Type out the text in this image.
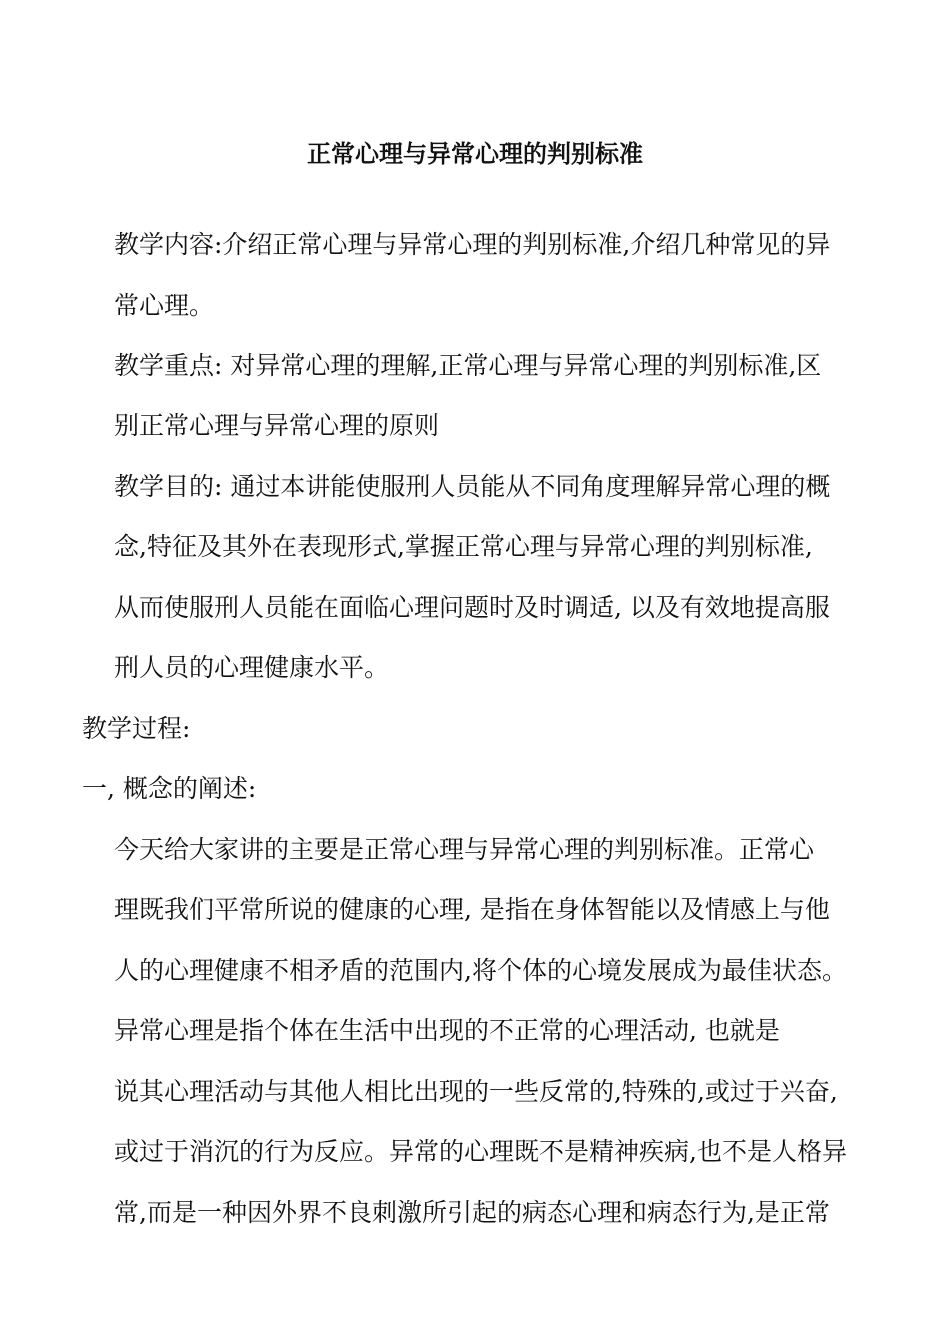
正常心理与异常心理的判别标准
教学内容:介绍正常心理与异常心理的判别标准,介绍几种常见的异
常心理。
教学重点: 对异常心理的理解,正常心理与异常心理的判别标准,区
别正常心理与异常心理的原则
教学目的: 通过本讲能使服刑人员能从不同角度理解异常心理的概
念,特征及其外在表现形式,掌握正常心理与异常心理的判别标准,
从而使服刑人员能在面临心理问题时及时调适, 以及有效地提高服
刑人员的心理健康水平。
教学过程:
一, 概念的阐述:
今天给大家讲的主要是正常心理与异常心理的判别标准。正常心
理既我们平常所说的健康的心理, 是指在身体智能以及情感上与他
人的心理健康不相矛盾的范围内,将个体的心境发展成为最佳状态。
异常心理是指个体在生活中出现的不正常的心理活动, 也就是
说其心理活动与其他人相比出现的一些反常的,特殊的,或过于兴奋,
或过于消沉的行为反应。异常的心理既不是精神疾病,也不是人格异
常,而是一种因外界不良刺激所引起的病态心理和病态行为,是正常
